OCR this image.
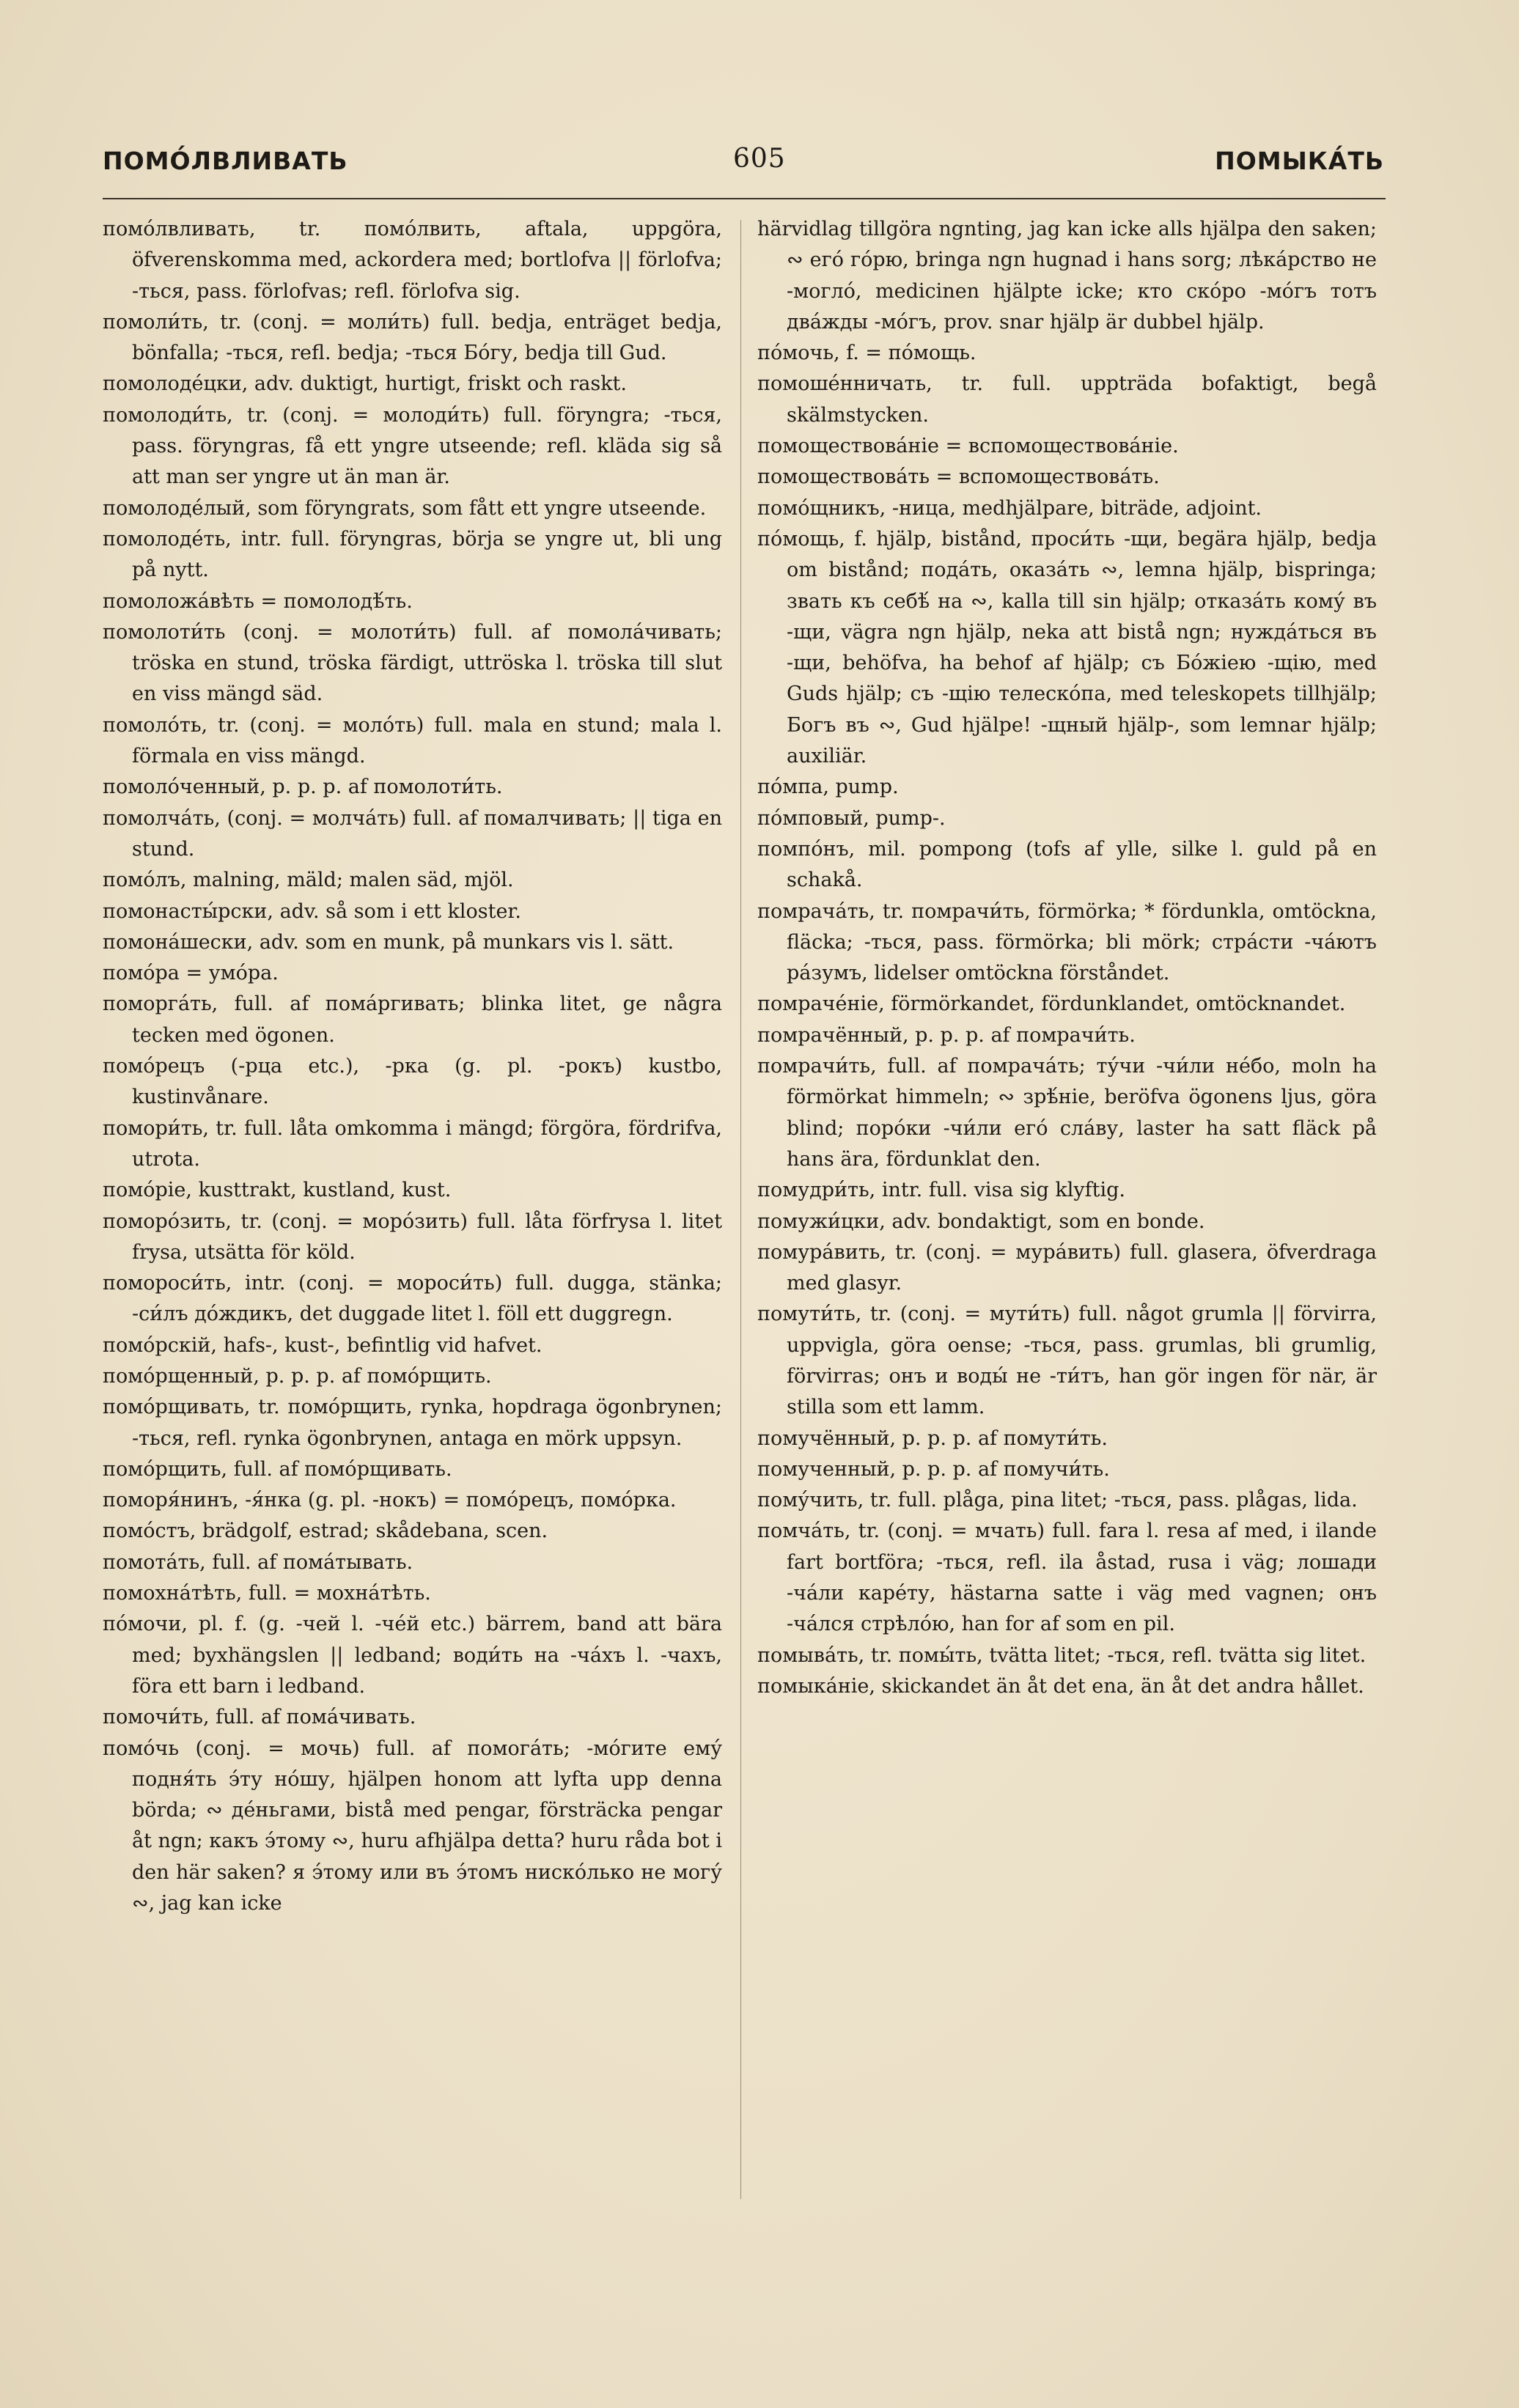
ПОМО́ЛВЛИВАТЬ	605	ПОМЫКА́ТЬ

помо́лвливать, tr. помо́лвить, aftala, uppgöra, öfverenskomma med, ackordera med; bortlofva || förlofva; -ться, pass. förlofvas; refl. förlofva sig.

помоли́ть, tr. (conj. = моли́ть) full. bedja, enträget bedja, bönfalla; -ться, refl. bedja; -ться Бо́гу, bedja till Gud.

помолоде́цки, adv. duktigt, hurtigt, friskt och raskt.

помолоди́ть, tr. (conj. = молоди́ть) full. föryngra; -ться, pass. föryngras, få ett yngre utseende; refl. kläda sig så att man ser yngre ut än man är.

помолоде́лый, som föryngrats, som fått ett yngre utseende.

помолоде́ть, intr. full. föryngras, börja se yngre ut, bli ung på nytt.

помоложа́вѣть = помолодѣ́ть.

помолоти́ть (conj. = молоти́ть) full. af помола́чивать; tröska en stund, tröska färdigt, uttröska l. tröska till slut en viss mängd säd.

помоло́ть, tr. (conj. = моло́ть) full. mala en stund; mala l. förmala en viss mängd.

помоло́ченный, p. p. p. af помолоти́ть.

помолча́ть, (conj. = молча́ть) full. af помалчивать; || tiga en stund.

помо́лъ, malning, mäld; malen säd, mjöl.

помонасты́рски, adv. så som i ett kloster.

помона́шески, adv. som en munk, på munkars vis l. sätt.

помо́ра = умо́ра.

поморга́ть, full. af пома́ргивать; blinka litet, ge några tecken med ögonen.

помо́рецъ (-рца etc.), -рка (g. pl. -рокъ) kustbo, kustinvånare.

помори́ть, tr. full. låta omkomma i mängd; förgöra, fördrifva, utrota.

помо́рie, kusttrakt, kustland, kust.

поморо́зить, tr. (conj. = моро́зить) full. låta förfrysa l. litet frysa, utsätta för köld.

помороси́ть, intr. (conj. = мороси́ть) full. dugga, stänka; -си́лъ до́ждикъ, det duggade litet l. föll ett duggregn.

помо́рскiй, hafs-, kust-, befintlig vid hafvet.

помо́рщенный, p. p. p. af помо́рщить.

помо́рщивать, tr. помо́рщить, rynka, hopdraga ögonbrynen; -ться, refl. rynka ögonbrynen, antaga en mörk uppsyn.

помо́рщить, full. af помо́рщивать.

помоpя́нинъ, -я́нка (g. pl. -нокъ) = помо́рецъ, помо́рка.

помо́стъ, brädgolf, estrad; skådebana, scen.

помота́ть, full. af пома́тывать.

помохна́тѣть, full. = мохна́тѣть.

по́мочи, pl. f. (g. -чей l. -че́й etc.) bärrem, band att bära med; byxhängslen || ledband; води́ть на -ча́хъ l. -чахъ, föra ett barn i ledband.

помочи́ть, full. af пома́чивать.

помо́чь (conj. = мочь) full. af помога́ть; -мо́гите ему́ подня́ть э́ту но́шу, hjälpen honom att lyfta upp denna börda; ∾ де́ньгами, bistå med pengar, försträcka pengar åt ngn; какъ э́тому ∾, huru afhjälpa detta? huru råda bot i den här saken? я э́тому или въ э́томъ ниско́лько не могу́ ∾, jag kan icke

härvidlag tillgöra ngnting, jag kan icke alls hjälpa den saken; ∾ его́ го́рю, bringa ngn hugnad i hans sorg; лѣка́рство не -могло́, medicinen hjälpte icke; кто ско́ро -мо́гъ тотъ два́жды -мо́гъ, prov. snar hjälp är dubbel hjälp.

по́мочь, f. = по́мощь.

помоше́нничать, tr. full. uppträda bofaktigt, begå skälmstycken.

помоществова́нiе = вспомоществова́нiе.

помоществова́ть = вспомоществова́ть.

помо́щникъ, -ница, medhjälpare, biträde, adjoint.

по́мощь, f. hjälp, bistånd, проси́ть -щи, begära hjälp, bedja om bistånd; пода́ть, оказа́ть ∾, lemna hjälp, bispringa; звать къ себѣ́ на ∾, kalla till sin hjälp; отказа́ть кому́ въ -щи, vägra ngn hjälp, neka att bistå ngn; нужда́ться въ -щи, behöfva, ha behof af hjälp; съ Бо́жiею -щiю, med Guds hjälp; съ -щiю телеско́па, med teleskopets tillhjälp; Богъ въ ∾, Gud hjälpe! -щный hjälp-, som lemnar hjälp; auxiliär.

по́мпа, pump.

по́мповый, pump-.

помпо́нъ, mil. pompong (tofs af ylle, silke l. guld på en schakå.

помрача́ть, tr. помрачи́ть, förmörka; * fördunkla, omtöckna, fläcka; -ться, pass. förmörka; bli mörk; стра́сти -ча́ютъ ра́зумъ, lidelser omtöckna förståndet.

помраче́нiе, förmörkandet, fördunklandet, omtöcknandet.

помрачённый, p. p. p. af помрачи́ть.

помрачи́ть, full. af помрача́ть; ту́чи -чи́ли не́бо, moln ha förmörkat himmeln; ∾ зрѣ́нiе, beröfva ögonens ljus, göra blind; поро́ки -чи́ли его́ сла́ву, laster ha satt fläck på hans ära, fördunklat den.

помудри́ть, intr. full. visa sig klyftig.

помужи́цки, adv. bondaktigt, som en bonde.

помура́вить, tr. (conj. = мура́вить) full. glasera, öfverdraga med glasyr.

помути́ть, tr. (conj. = мути́ть) full. något grumla || förvirra, uppvigla, göra oense; -ться, pass. grumlas, bli grumlig, förvirras; онъ и воды́ не -ти́тъ, han gör ingen för när, är stilla som ett lamm.

помучённый, p. p. p. af помути́ть.

помученный, p. p. p. af помучи́ть.

пому́чить, tr. full. plåga, pina litet; -ться, pass. plågas, lida.

помча́ть, tr. (conj. = мчать) full. fara l. resa af med, i ilande fart bortföra; -ться, refl. ila åstad, rusa i väg; лошади -ча́ли каре́ту, hästarna satte i väg med vagnen; онъ -ча́лся стрѣло́ю, han for af som en pil.

помыва́ть, tr. помы́ть, tvätta litet; -ться, refl. tvätta sig litet.

помыка́нiе, skickandet än åt det ena, än åt det andra hållet.
